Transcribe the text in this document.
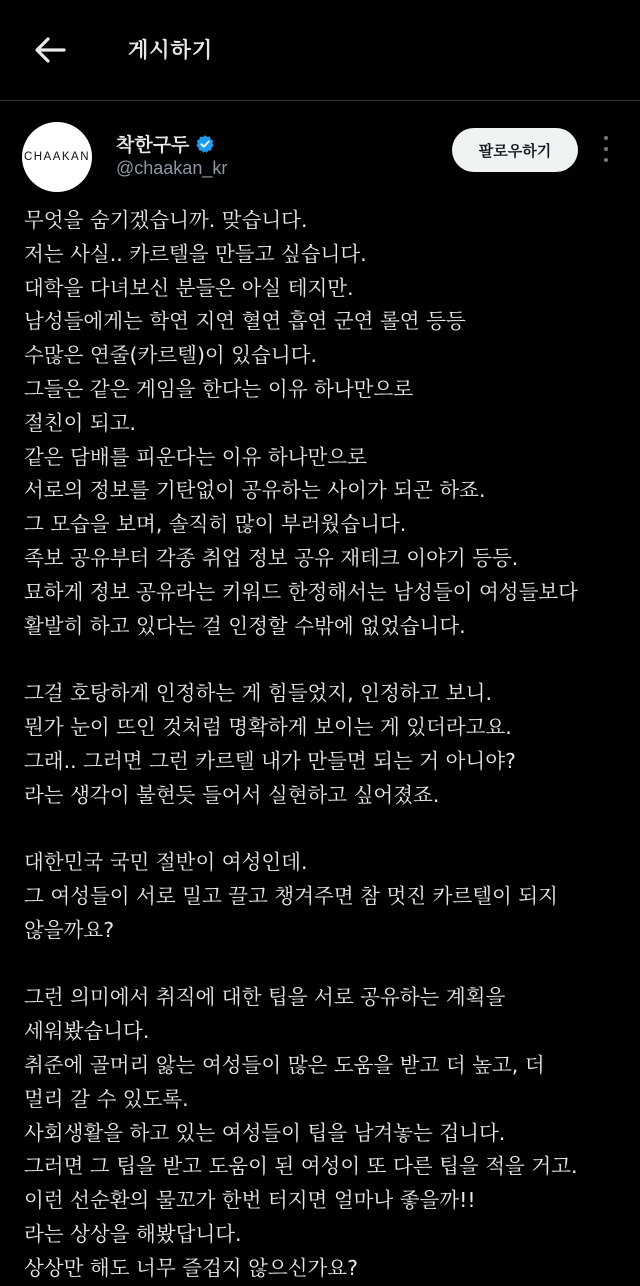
게시하기
CHAAKAN
착한구두
@chaakan_kr
팔로우하기
무엇을 숨기겠습니까. 맞습니다.
저는 사실.. 카르텔을 만들고 싶습니다.
대학을 다녀보신 분들은 아실 테지만.
남성들에게는 학연 지연 혈연 흡연 군연 롤연 등등
수많은 연줄(카르텔)이 있습니다.
그들은 같은 게임을 한다는 이유 하나만으로
절친이 되고.
같은 담배를 피운다는 이유 하나만으로
서로의 정보를 기탄없이 공유하는 사이가 되곤 하죠.
그 모습을 보며, 솔직히 많이 부러웠습니다.
족보 공유부터 각종 취업 정보 공유 재테크 이야기 등등.
묘하게 정보 공유라는 키워드 한정해서는 남성들이 여성들보다
활발히 하고 있다는 걸 인정할 수밖에 없었습니다.
그걸 호탕하게 인정하는 게 힘들었지, 인정하고 보니.
뭔가 눈이 뜨인 것처럼 명확하게 보이는 게 있더라고요.
그래.. 그러면 그런 카르텔 내가 만들면 되는 거 아니야?
라는 생각이 불현듯 들어서 실현하고 싶어졌죠.
대한민국 국민 절반이 여성인데.
그 여성들이 서로 밀고 끌고 챙겨주면 참 멋진 카르텔이 되지
않을까요?
그런 의미에서 취직에 대한 팁을 서로 공유하는 계획을
세워봤습니다.
취준에 골머리 앓는 여성들이 많은 도움을 받고 더 높고, 더
멀리 갈 수 있도록.
사회생활을 하고 있는 여성들이 팁을 남겨놓는 겁니다.
그러면 그 팁을 받고 도움이 된 여성이 또 다른 팁을 적을 거고.
이런 선순환의 물꼬가 한번 터지면 얼마나 좋을까!!
라는 상상을 해봤답니다.
상상만 해도 너무 즐겁지 않으신가요?
